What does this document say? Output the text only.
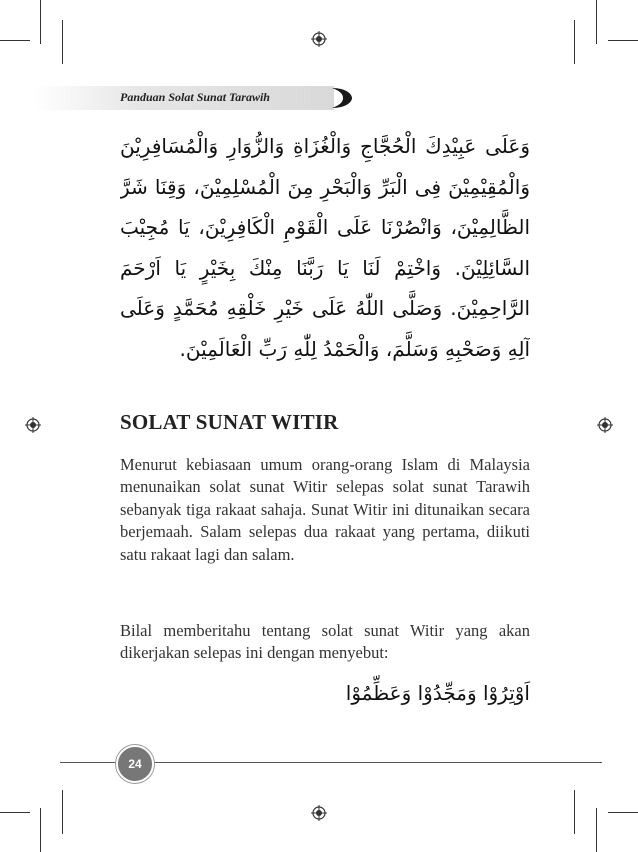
Panduan Solat Sunat Tarawih
وَعَلَى عَبِيْدِكَ الْحُجَّاجِ وَالْغُزَاةِ وَالزُّوَارِ وَالْمُسَافِرِيْنَ
وَالْمُقِيْمِيْنَ فِى الْبَرِّ وَالْبَحْرِ مِنَ الْمُسْلِمِيْنَ، وَقِنَا شَرَّ
الظَّالِمِيْنَ، وَانْصُرْنَا عَلَى الْقَوْمِ الْكَافِرِيْنَ، يَا مُجِيْبَ
السَّائِلِيْنَ. وَاخْتِمْ لَنَا يَا رَبَّنَا مِنْكَ بِخَيْرٍ يَا اَرْحَمَ
الرَّاحِمِيْنَ. وَصَلَّى اللّٰهُ عَلَى خَيْرِ خَلْقِهِ مُحَمَّدٍ وَعَلَى
آلِهِ وَصَحْبِهِ وَسَلَّمَ، وَالْحَمْدُ لِلّٰهِ رَبِّ الْعَالَمِيْنَ.
SOLAT SUNAT WITIR
Menurut kebiasaan umum orang-orang Islam di Malaysia menunaikan solat sunat Witir selepas solat sunat Tarawih sebanyak tiga rakaat sahaja. Sunat Witir ini ditunaikan secara berjemaah. Salam selepas dua rakaat yang pertama, diikuti satu rakaat lagi dan salam.
Bilal memberitahu tentang solat sunat Witir yang akan dikerjakan selepas ini dengan menyebut:
اَوْتِرُوْا وَمَجِّدُوْا وَعَظِّمُوْا
24
